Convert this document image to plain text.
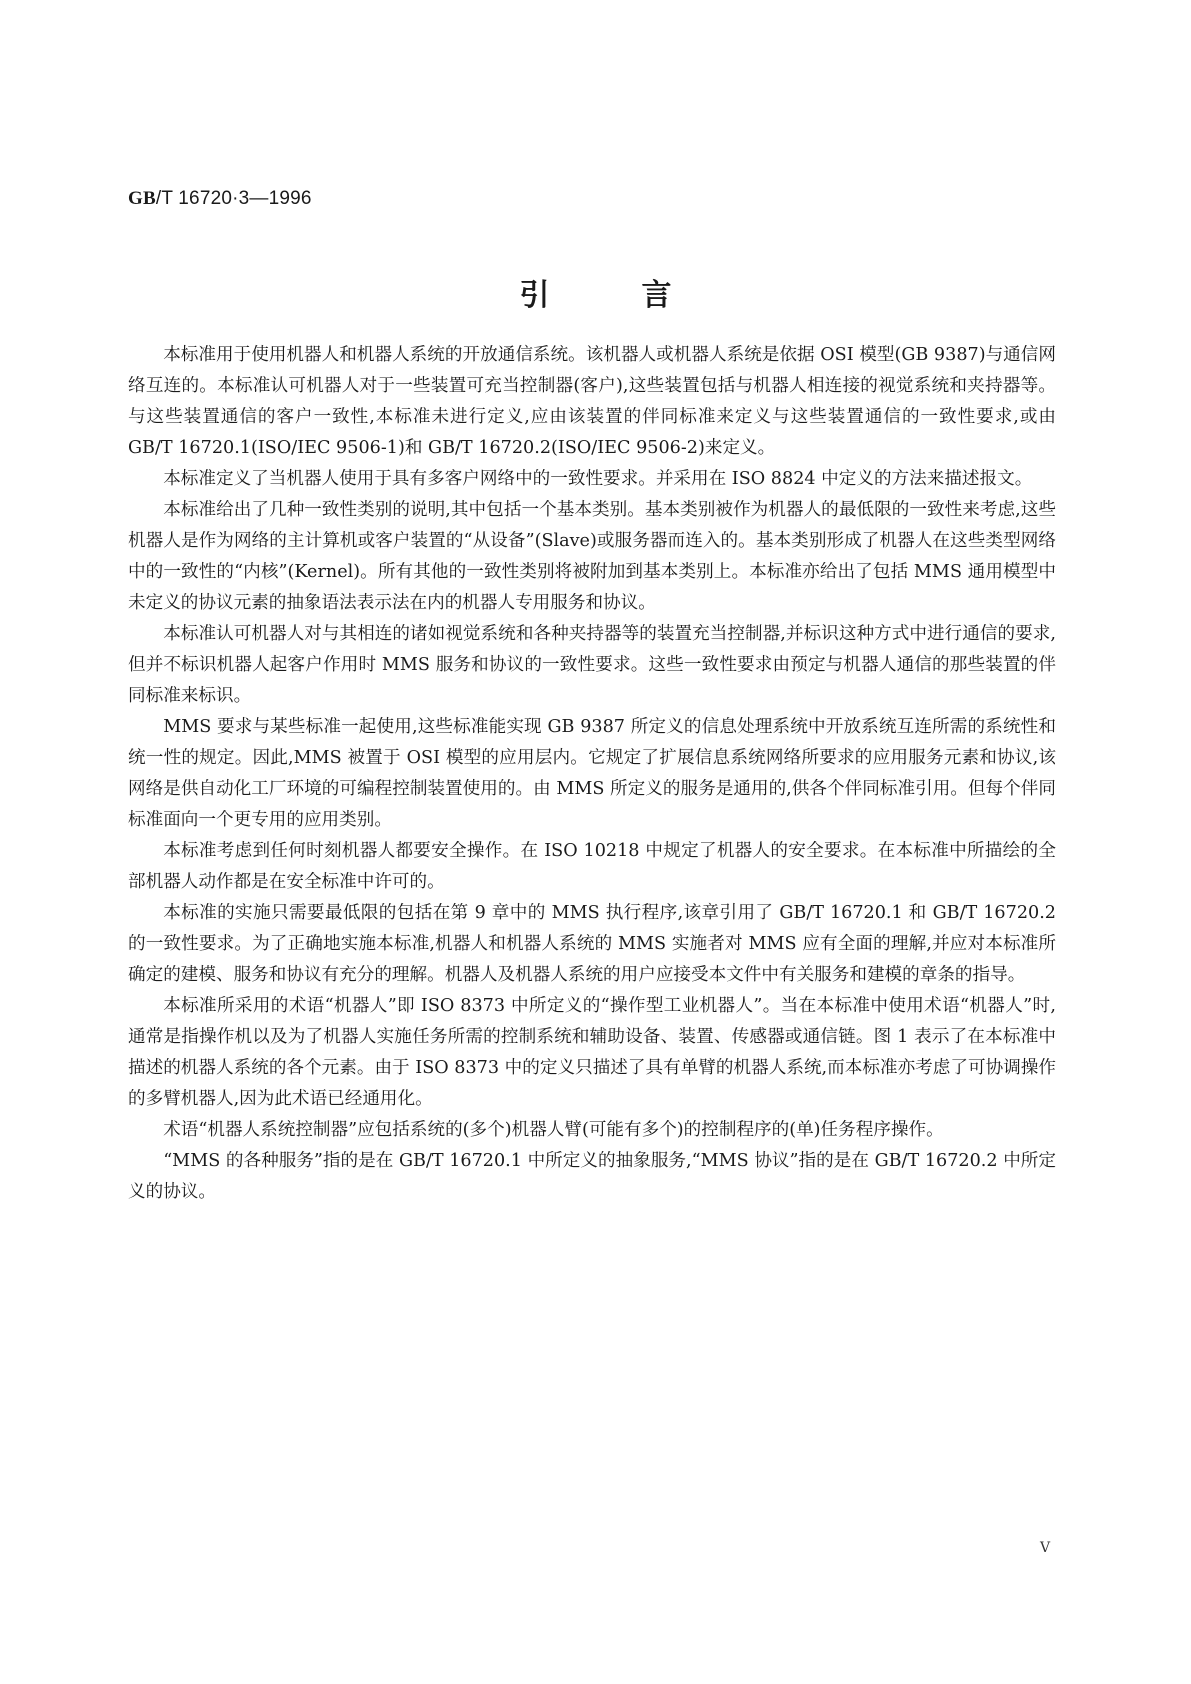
GB/T 16720·3—1996
引	言

本标准用于使用机器人和机器人系统的开放通信系统。该机器人或机器人系统是依据 OSI 模型(GB 9387)与通信网络互连的。本标准认可机器人对于一些装置可充当控制器(客户),这些装置包括与机器人相连接的视觉系统和夹持器等。与这些装置通信的客户一致性,本标准未进行定义,应由该装置的伴同标准来定义与这些装置通信的一致性要求,或由 GB/T 16720.1(ISO/IEC 9506-1)和 GB/T 16720.2(ISO/IEC 9506-2)来定义。

本标准定义了当机器人使用于具有多客户网络中的一致性要求。并采用在 ISO 8824 中定义的方法来描述报文。

本标准给出了几种一致性类别的说明,其中包括一个基本类别。基本类别被作为机器人的最低限的一致性来考虑,这些机器人是作为网络的主计算机或客户装置的“从设备”(Slave)或服务器而连入的。基本类别形成了机器人在这些类型网络中的一致性的“内核”(Kernel)。所有其他的一致性类别将被附加到基本类别上。本标准亦给出了包括 MMS 通用模型中未定义的协议元素的抽象语法表示法在内的机器人专用服务和协议。

本标准认可机器人对与其相连的诸如视觉系统和各种夹持器等的装置充当控制器,并标识这种方式中进行通信的要求,但并不标识机器人起客户作用时 MMS 服务和协议的一致性要求。这些一致性要求由预定与机器人通信的那些装置的伴同标准来标识。

MMS 要求与某些标准一起使用,这些标准能实现 GB 9387 所定义的信息处理系统中开放系统互连所需的系统性和统一性的规定。因此,MMS 被置于 OSI 模型的应用层内。它规定了扩展信息系统网络所要求的应用服务元素和协议,该网络是供自动化工厂环境的可编程控制装置使用的。由 MMS 所定义的服务是通用的,供各个伴同标准引用。但每个伴同标准面向一个更专用的应用类别。

本标准考虑到任何时刻机器人都要安全操作。在 ISO 10218 中规定了机器人的安全要求。在本标准中所描绘的全部机器人动作都是在安全标准中许可的。

本标准的实施只需要最低限的包括在第 9 章中的 MMS 执行程序,该章引用了 GB/T 16720.1 和 GB/T 16720.2 的一致性要求。为了正确地实施本标准,机器人和机器人系统的 MMS 实施者对 MMS 应有全面的理解,并应对本标准所确定的建模、服务和协议有充分的理解。机器人及机器人系统的用户应接受本文件中有关服务和建模的章条的指导。

本标准所采用的术语“机器人”即 ISO 8373 中所定义的“操作型工业机器人”。当在本标准中使用术语“机器人”时,通常是指操作机以及为了机器人实施任务所需的控制系统和辅助设备、装置、传感器或通信链。图 1 表示了在本标准中描述的机器人系统的各个元素。由于 ISO 8373 中的定义只描述了具有单臂的机器人系统,而本标准亦考虑了可协调操作的多臂机器人,因为此术语已经通用化。

术语“机器人系统控制器”应包括系统的(多个)机器人臂(可能有多个)的控制程序的(单)任务程序操作。

“MMS 的各种服务”指的是在 GB/T 16720.1 中所定义的抽象服务,“MMS 协议”指的是在 GB/T 16720.2 中所定义的协议。

V
